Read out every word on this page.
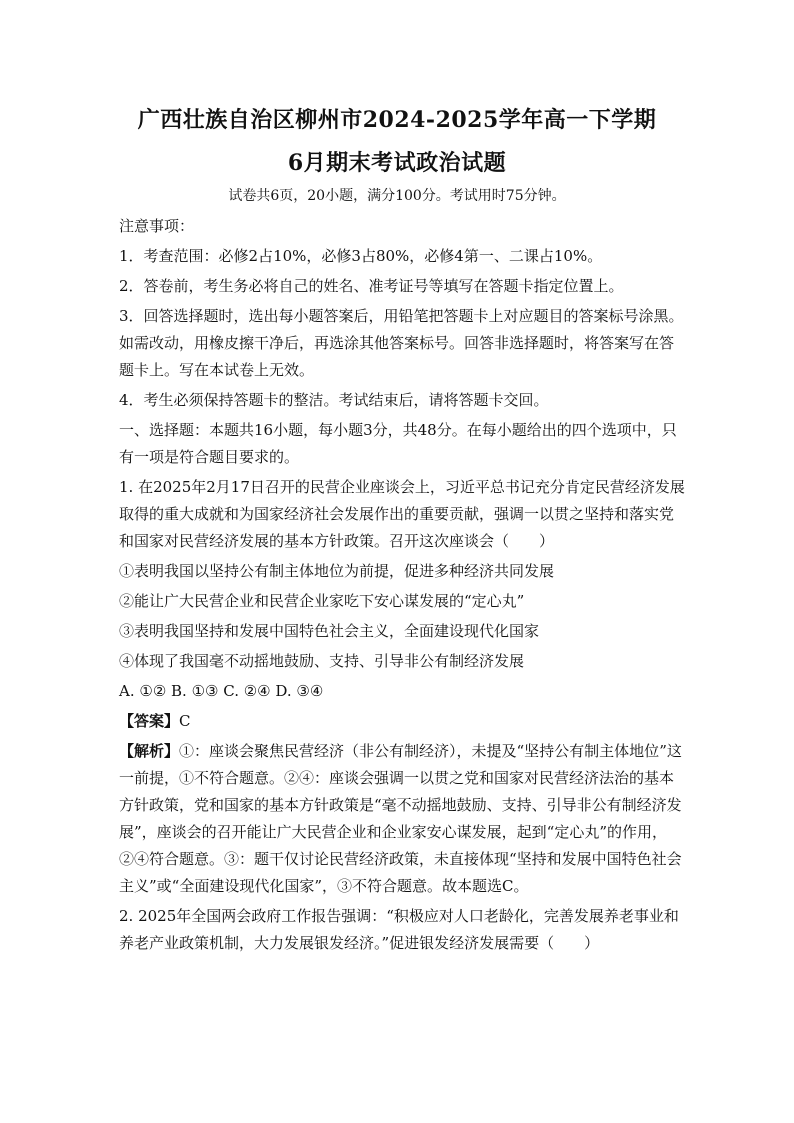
广西壮族自治区柳州市2024-2025学年高一下学期
6月期末考试政治试题
试卷共6页，20小题，满分100分。考试用时75分钟。

注意事项：

1．考查范围：必修2占10%，必修3占80%，必修4第一、二课占10%。

2．答卷前，考生务必将自己的姓名、准考证号等填写在答题卡指定位置上。

3．回答选择题时，选出每小题答案后，用铅笔把答题卡上对应题目的答案标号涂黑。如需改动，用橡皮擦干净后，再选涂其他答案标号。回答非选择题时，将答案写在答题卡上。写在本试卷上无效。

4．考生必须保持答题卡的整洁。考试结束后，请将答题卡交回。

一、选择题：本题共16小题，每小题3分，共48分。在每小题给出的四个选项中，只有一项是符合题目要求的。

1. 在2025年2月17日召开的民营企业座谈会上，习近平总书记充分肯定民营经济发展取得的重大成就和为国家经济社会发展作出的重要贡献，强调一以贯之坚持和落实党和国家对民营经济发展的基本方针政策。召开这次座谈会（　　）

①表明我国以坚持公有制主体地位为前提，促进多种经济共同发展

②能让广大民营企业和民营企业家吃下安心谋发展的“定心丸”

③表明我国坚持和发展中国特色社会主义，全面建设现代化国家

④体现了我国毫不动摇地鼓励、支持、引导非公有制经济发展

A. ①② B. ①③ C. ②④ D. ③④

【答案】C

【解析】①：座谈会聚焦民营经济（非公有制经济），未提及“坚持公有制主体地位”这一前提，①不符合题意。②④：座谈会强调一以贯之党和国家对民营经济法治的基本方针政策，党和国家的基本方针政策是“毫不动摇地鼓励、支持、引导非公有制经济发展”，座谈会的召开能让广大民营企业和企业家安心谋发展，起到“定心丸”的作用，②④符合题意。③：题干仅讨论民营经济政策，未直接体现“坚持和发展中国特色社会主义”或“全面建设现代化国家”，③不符合题意。故本题选C。

2. 2025年全国两会政府工作报告强调：“积极应对人口老龄化，完善发展养老事业和养老产业政策机制，大力发展银发经济。”促进银发经济发展需要（　　）
